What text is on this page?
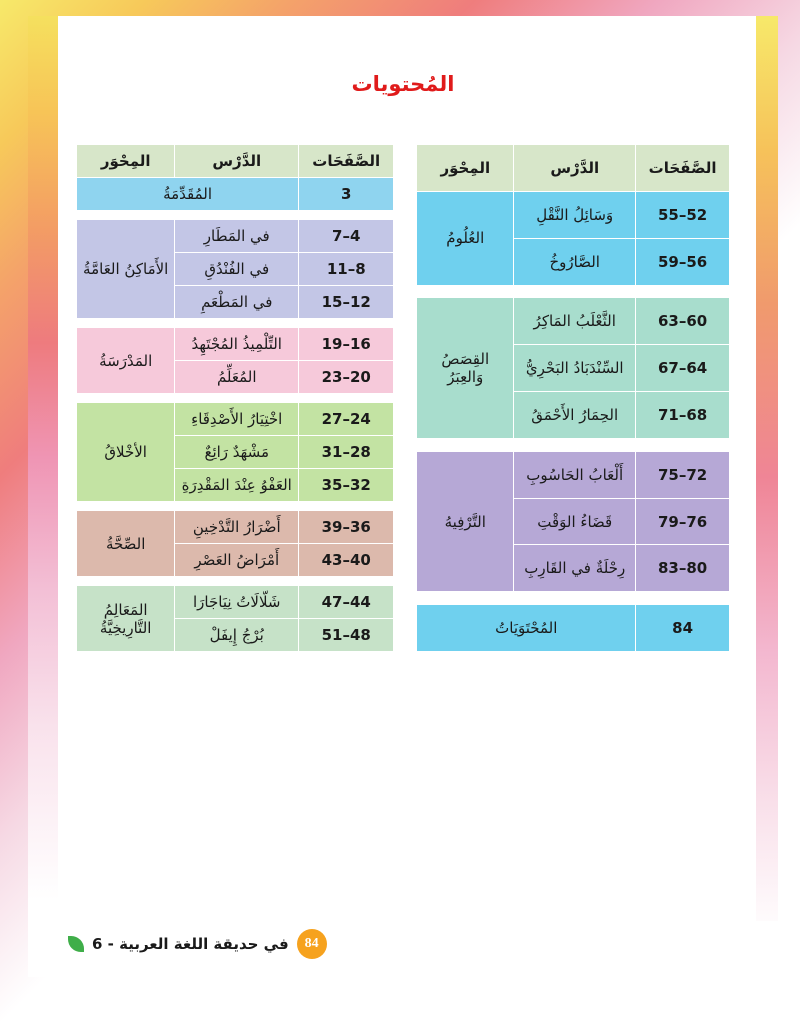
المُحتويات
الصَّفَحَات	الدَّرْس	المِحْوَر
3	المُقَدِّمَةُ	

4–7	في المَطَارِ	الأَمَاكِنُ العَامَّةُ
8–11	في الفُنْدُقِ	
12–15	في المَطْعَمِ	

16–19	التِّلْمِيذُ المُجْتَهِدُ	المَدْرَسَةُ
20–23	المُعَلِّمُ	

24–27	اخْتِيَارُ الأَصْدِقَاءِ	الأخْلاقُ
28–31	مَشْهَدٌ رَائِعٌ	
32–35	العَفْوُ عِنْدَ المَقْدِرَةِ	

36–39	أَضْرَارُ التَّدْخِينِ	الصِّحَّةُ
40–43	أَمْرَاضُ العَصْرِ	

44–47	شَلّالَاتُ نِيَاجَارَا	المَعَالِمُ التَّارِيخِيَّةُ
48–51	بُرْجُ إِيفَلْ	
الصَّفَحَات	الدَّرْس	المِحْوَر
52–55	وَسَائِلُ النَّقْلِ	العُلُومُ
56–59	الصَّارُوخُ	

60–63	الثَّعْلَبُ المَاكِرُ	القِصَصُ وَالعِبَرُ
64–67	السِّنْدَبَادُ البَحْرِيُّ	
68–71	الحِمَارُ الأَحْمَقُ	

72–75	أَلْعَابُ الحَاسُوبِ	التَّرْفِيهُ
76–79	قَضَاءُ الوَقْتِ	
80–83	رِحْلَةٌ في القَارِبِ	

84	المُحْتَوَيَاتُ	
84
في حديقة اللغة العربية - 6
